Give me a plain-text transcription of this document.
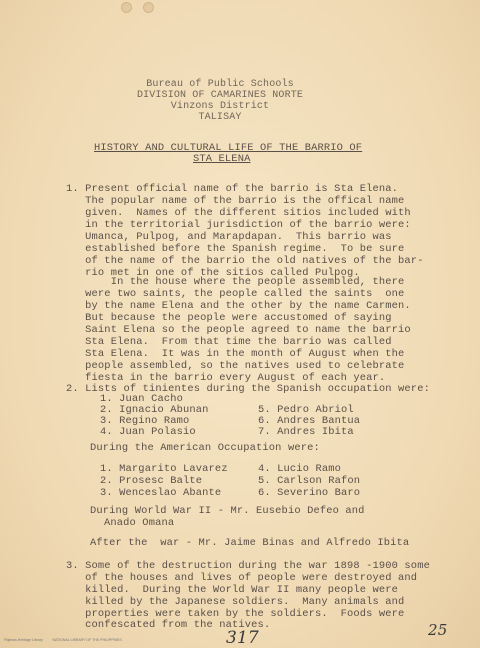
Bureau of Public Schools
DIVISION OF CAMARINES NORTE
Vinzons District
TALISAY
HISTORY AND CULTURAL LIFE OF THE BARRIO OF
STA ELENA
1. Present official name of the barrio is Sta Elena.
The popular name of the barrio is the offical name
given.  Names of the different sitios included with
in the territorial jurisdiction of the barrio were:
Umanca, Pulpog, and Marapdapan.  This barrio was
established before the Spanish regime.  To be sure
of the name of the barrio the old natives of the bar-
rio met in one of the sitios called Pulpog.
In the house where the people assembled, there
were two saints, the people called the saints  one
by the name Elena and the other by the name Carmen.
But because the people were accustomed of saying
Saint Elena so the people agreed to name the barrio
Sta Elena.  From that time the barrio was called
Sta Elena.  It was in the month of August when the
people assembled, so the natives used to celebrate
fiesta in the barrio every August of each year.
2. Lists of tinientes during the Spanish occupation were:
1. Juan Cacho
2. Ignacio Abunan
3. Regino Ramo
4. Juan Polasio
5. Pedro Abriol
6. Andres Bantua
7. Andres Ibita
During the American Occupation were:
1. Margarito Lavarez
2. Prosesc Balte
3. Wenceslao Abante
4. Lucio Ramo
5. Carlson Rafon
6. Severino Baro
During World War II - Mr. Eusebio Defeo and
Anado Omana
After the  war - Mr. Jaime Binas and Alfredo Ibita
3. Some of the destruction during the war 1898 -1900 some
of the houses and lives of people were destroyed and
killed.  During the World War II many people were
killed by the Japanese soldiers.  Many animals and
properties were taken by the soldiers.  Foods were
confescated from the natives.
317	25
Filipinas Heritage Library	NATIONAL LIBRARY OF THE PHILIPPINES
